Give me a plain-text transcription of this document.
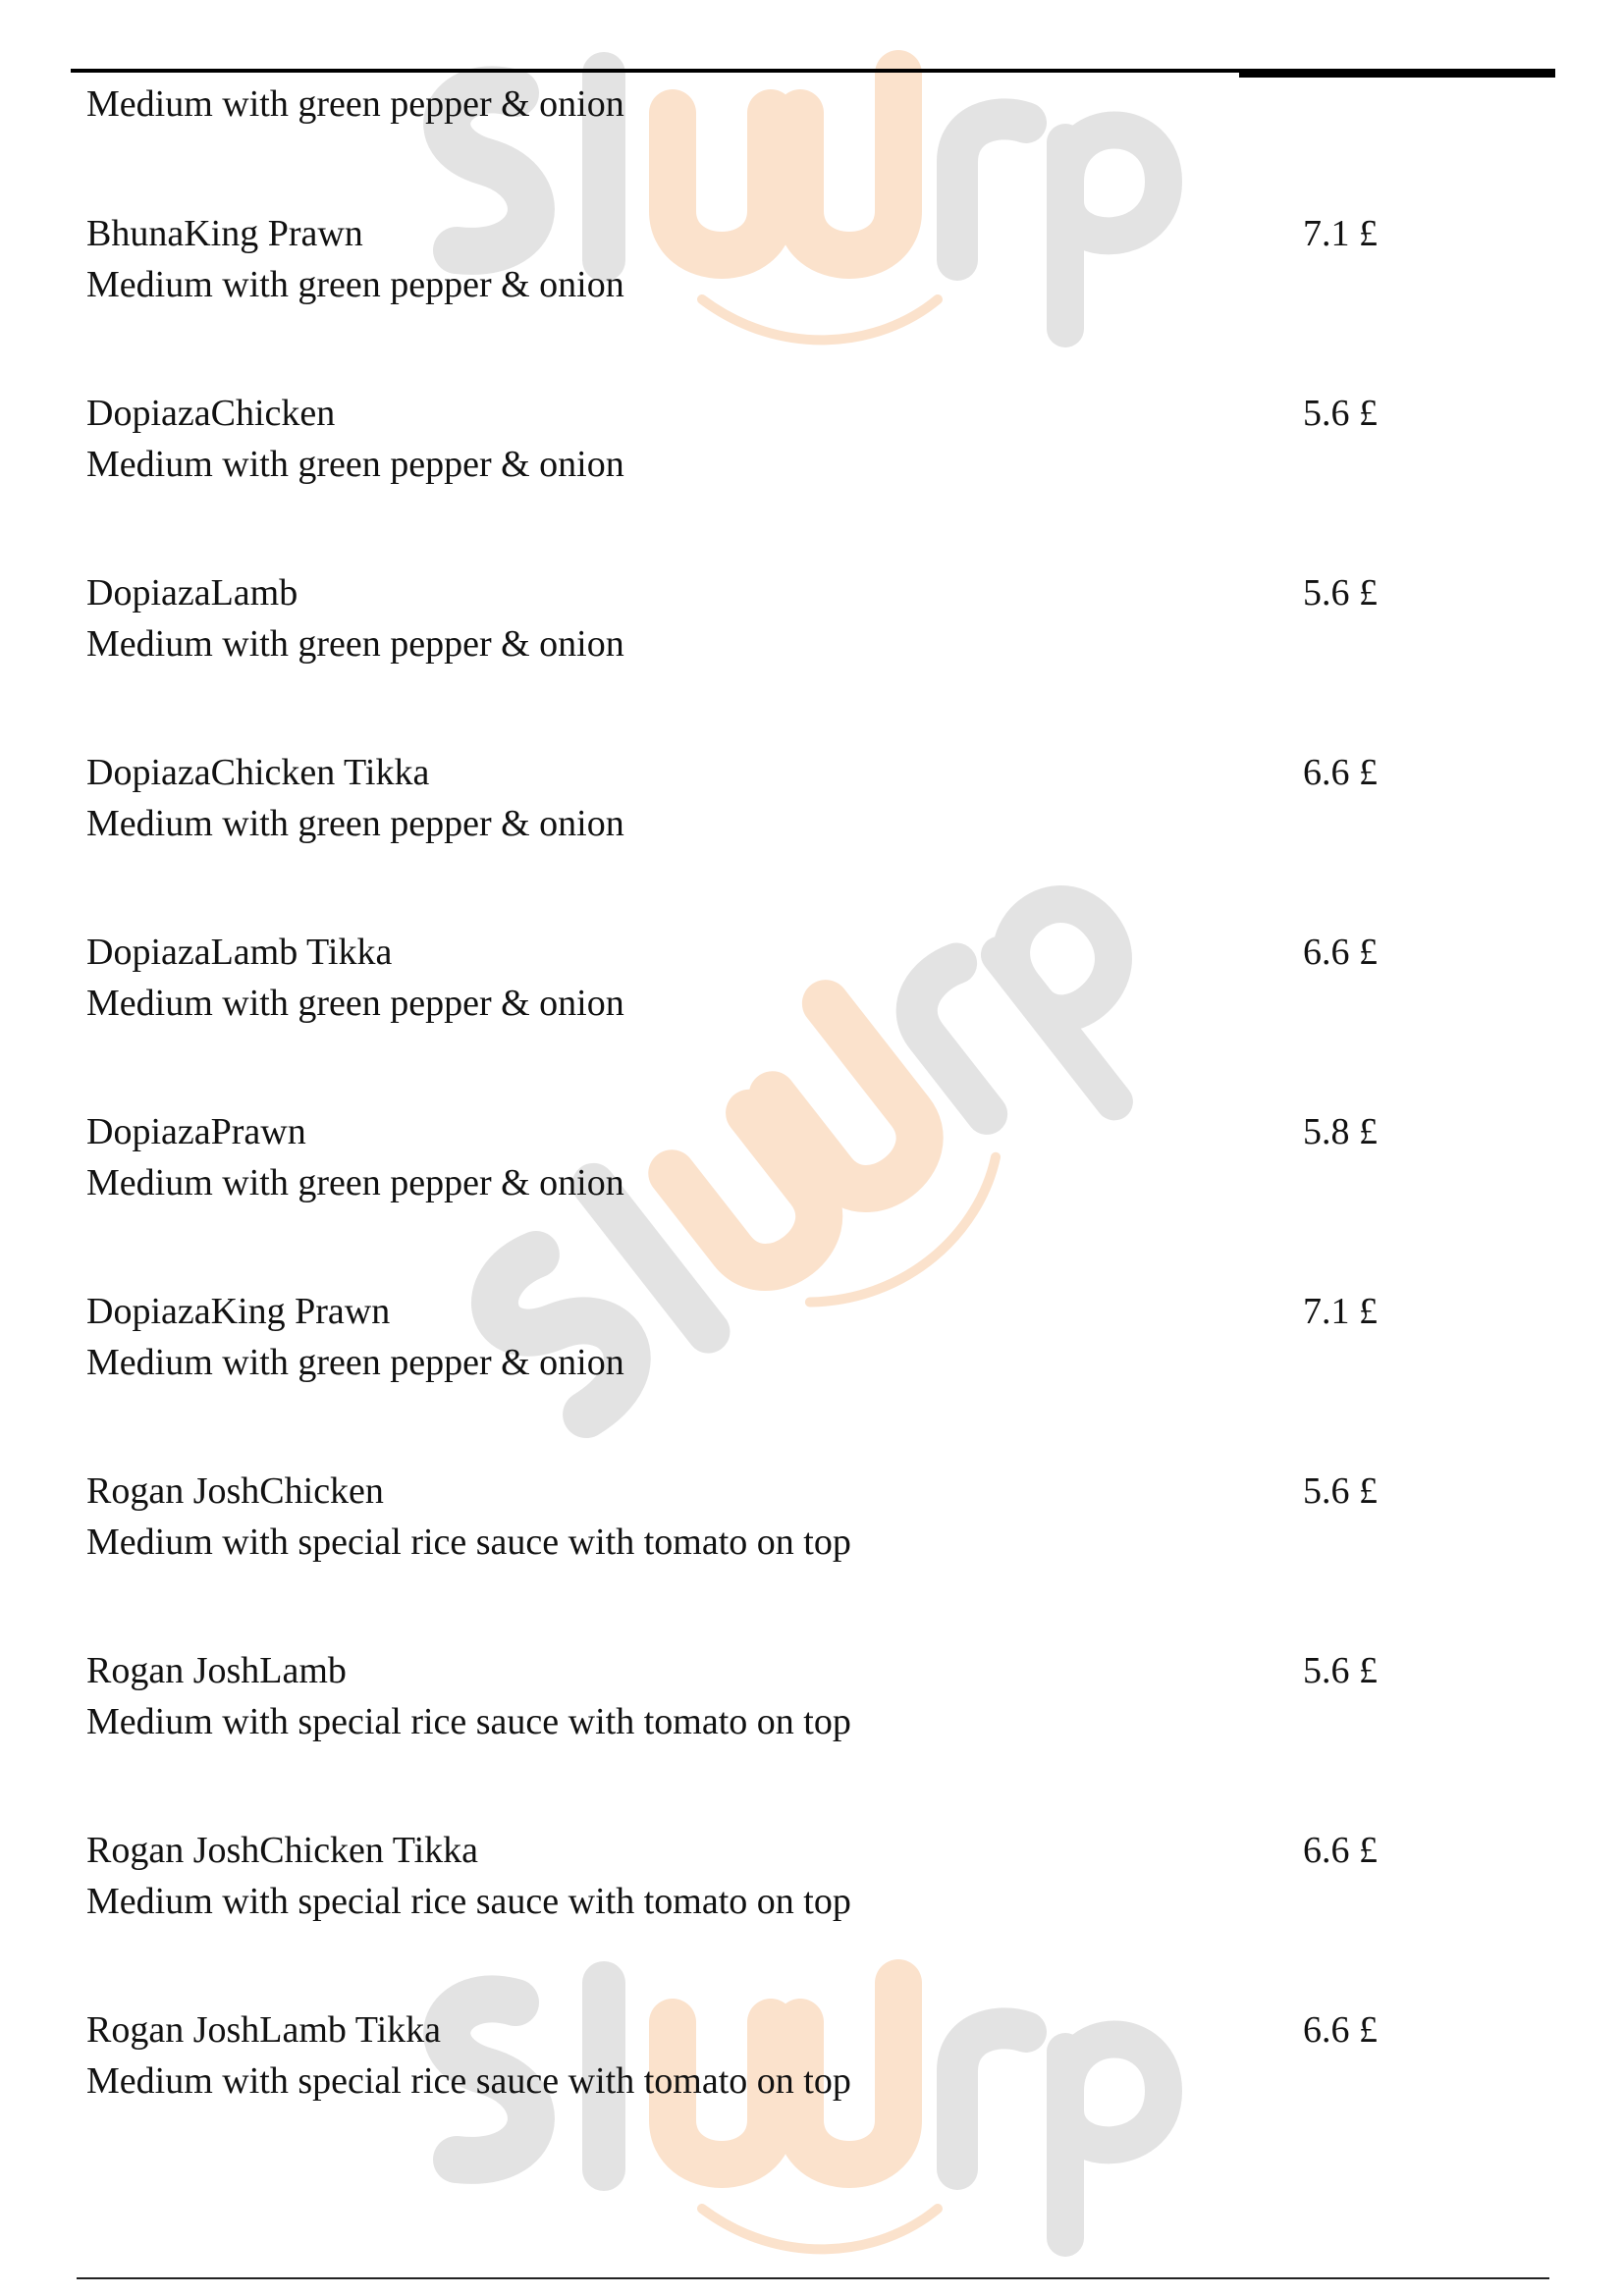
Medium with green pepper & onion
BhunaKing Prawn
Medium with green pepper & onion
7.1 £
DopiazaChicken
Medium with green pepper & onion
5.6 £
DopiazaLamb
Medium with green pepper & onion
5.6 £
DopiazaChicken Tikka
Medium with green pepper & onion
6.6 £
DopiazaLamb Tikka
Medium with green pepper & onion
6.6 £
DopiazaPrawn
Medium with green pepper & onion
5.8 £
DopiazaKing Prawn
Medium with green pepper & onion
7.1 £
Rogan JoshChicken
Medium with special rice sauce with tomato on top
5.6 £
Rogan JoshLamb
Medium with special rice sauce with tomato on top
5.6 £
Rogan JoshChicken Tikka
Medium with special rice sauce with tomato on top
6.6 £
Rogan JoshLamb Tikka
Medium with special rice sauce with tomato on top
6.6 £
